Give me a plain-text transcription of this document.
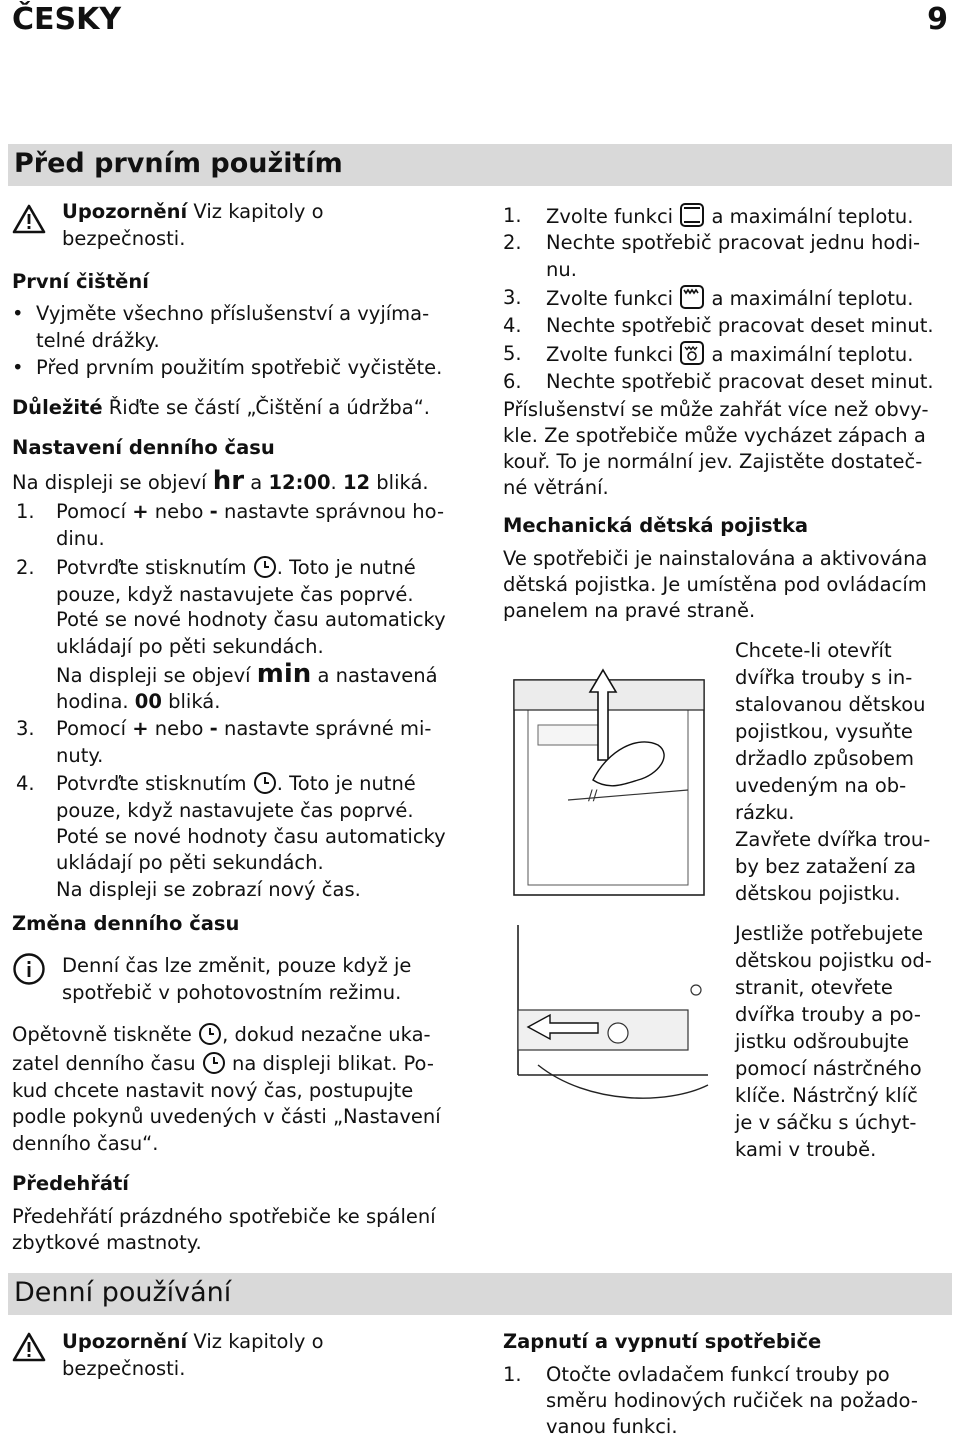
ČESKY	9
Před prvním použitím
Upozornění Viz kapitoly o
bezpečnosti.
První čištění
• Vyjměte všechno příslušenství a vyjíma-
telné drážky.
• Před prvním použitím spotřebič vyčistěte.
Důležité Řiďte se částí „Čištění a údržba“.
Nastavení denního času
Na displeji se objeví hr a 12:00. 12 bliká.
1. Pomocí + nebo - nastavte správnou ho-
dinu.
2. Potvrďte stisknutím . Toto je nutné
pouze, když nastavujete čas poprvé.
Poté se nové hodnoty času automaticky
ukládají po pěti sekundách.
Na displeji se objeví min a nastavená
hodina. 00 bliká.
3. Pomocí + nebo - nastavte správné mi-
nuty.
4. Potvrďte stisknutím . Toto je nutné
pouze, když nastavujete čas poprvé.
Poté se nové hodnoty času automaticky
ukládají po pěti sekundách.
Na displeji se zobrazí nový čas.
Změna denního času
Denní čas lze změnit, pouze když je
spotřebič v pohotovostním režimu.
Opětovně tiskněte , dokud nezačne uka-
zatel denního času  na displeji blikat. Po-
kud chcete nastavit nový čas, postupujte
podle pokynů uvedených v části „Nastavení
denního času“.
Předehřátí
Předehřátí prázdného spotřebiče ke spálení
zbytkové mastnoty.
1. Zvolte funkci  a maximální teplotu.
2. Nechte spotřebič pracovat jednu hodi-
nu.
3. Zvolte funkci  a maximální teplotu.
4. Nechte spotřebič pracovat deset minut.
5. Zvolte funkci  a maximální teplotu.
6. Nechte spotřebič pracovat deset minut.
Příslušenství se může zahřát více než obvy-
kle. Ze spotřebiče může vycházet zápach a
kouř. To je normální jev. Zajistěte dostateč-
né větrání.
Mechanická dětská pojistka
Ve spotřebiči je nainstalována a aktivována
dětská pojistka. Je umístěna pod ovládacím
panelem na pravé straně.
//
Chcete-li otevřít
dvířka trouby s in-
stalovanou dětskou
pojistkou, vysuňte
držadlo způsobem
uvedeným na ob-
rázku.
Zavřete dvířka trou-
by bez zatažení za
dětskou pojistku.
Jestliže potřebujete
dětskou pojistku od-
stranit, otevřete
dvířka trouby a po-
jistku odšroubujte
pomocí nástrčného
klíče. Nástrčný klíč
je v sáčku s úchyt-
kami v troubě.
Denní používání
Upozornění Viz kapitoly o
bezpečnosti.
Zapnutí a vypnutí spotřebiče
1. Otočte ovladačem funkcí trouby po
směru hodinových ručiček na požado-
vanou funkci.
